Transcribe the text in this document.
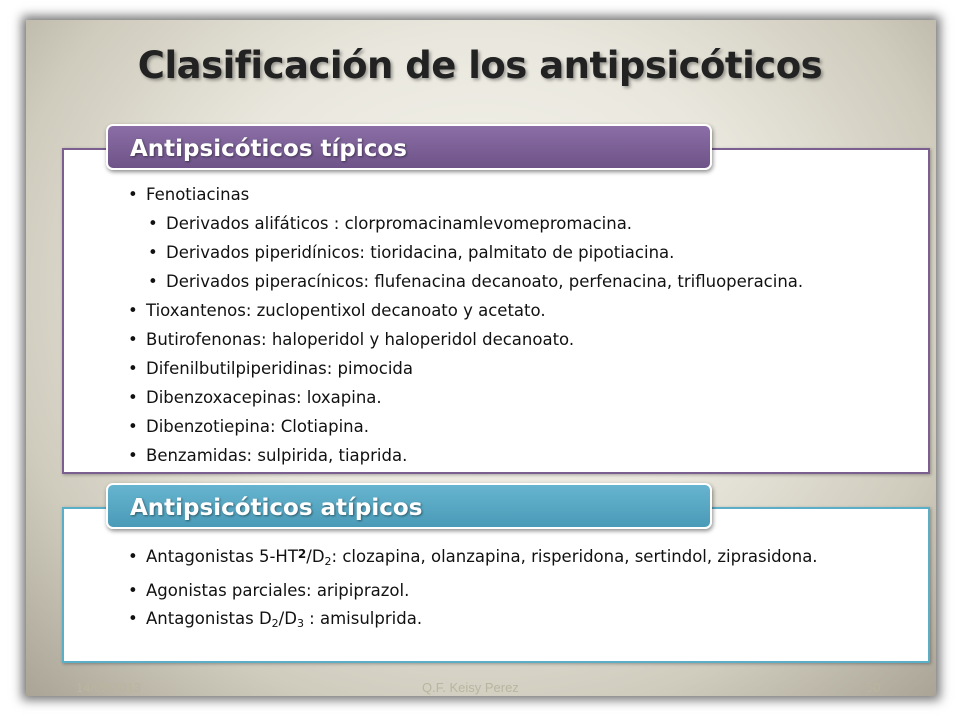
Clasificación de los antipsicóticos
Antipsicóticos típicos
• Fenotiacinas
• Derivados alifáticos : clorpromacinamlevomepromacina.
• Derivados piperidínicos: tioridacina, palmitato de pipotiacina.
• Derivados piperacínicos: flufenacina decanoato, perfenacina, trifluoperacina.
• Tioxantenos: zuclopentixol decanoato y acetato.
• Butirofenonas: haloperidol y haloperidol decanoato.
• Difenilbutilpiperidinas: pimocida
• Dibenzoxacepinas: loxapina.
• Dibenzotiepina: Clotiapina.
• Benzamidas: sulpirida, tiaprida.
Antipsicóticos atípicos
• Antagonistas $5-HT^2/D_2$: clozapina, olanzapina, risperidona, sertindol, ziprasidona.
• Agonistas parciales: aripiprazol.
• Antagonistas $D_2/D_3$ : amisulprida.
14/09/2013	Q.F. Keisy Perez	50
